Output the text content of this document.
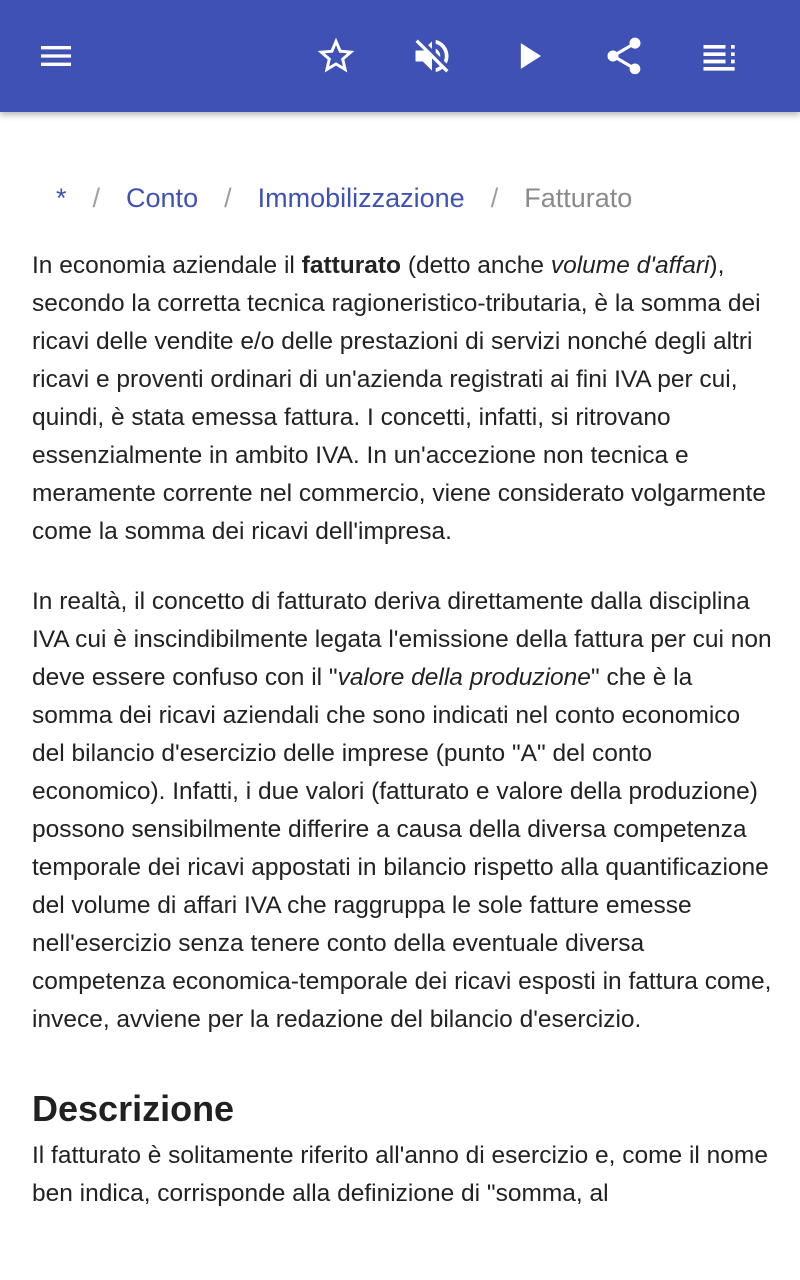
* / Conto / Immobilizzazione / Fatturato

In economia aziendale il fatturato (detto anche volume d'affari), secondo la corretta tecnica ragioneristico-tributaria, è la somma dei ricavi delle vendite e/o delle prestazioni di servizi nonché degli altri ricavi e proventi ordinari di un'azienda registrati ai fini IVA per cui, quindi, è stata emessa fattura. I concetti, infatti, si ritrovano essenzialmente in ambito IVA. In un'accezione non tecnica e meramente corrente nel commercio, viene considerato volgarmente come la somma dei ricavi dell'impresa.

In realtà, il concetto di fatturato deriva direttamente dalla disciplina IVA cui è inscindibilmente legata l'emissione della fattura per cui non deve essere confuso con il "valore della produzione" che è la somma dei ricavi aziendali che sono indicati nel conto economico del bilancio d'esercizio delle imprese (punto "A" del conto economico). Infatti, i due valori (fatturato e valore della produzione) possono sensibilmente differire a causa della diversa competenza temporale dei ricavi appostati in bilancio rispetto alla quantificazione del volume di affari IVA che raggruppa le sole fatture emesse nell'esercizio senza tenere conto della eventuale diversa competenza economica-temporale dei ricavi esposti in fattura come, invece, avviene per la redazione del bilancio d'esercizio.

Descrizione

Il fatturato è solitamente riferito all'anno di esercizio e, come il nome ben indica, corrisponde alla definizione di "somma, al
